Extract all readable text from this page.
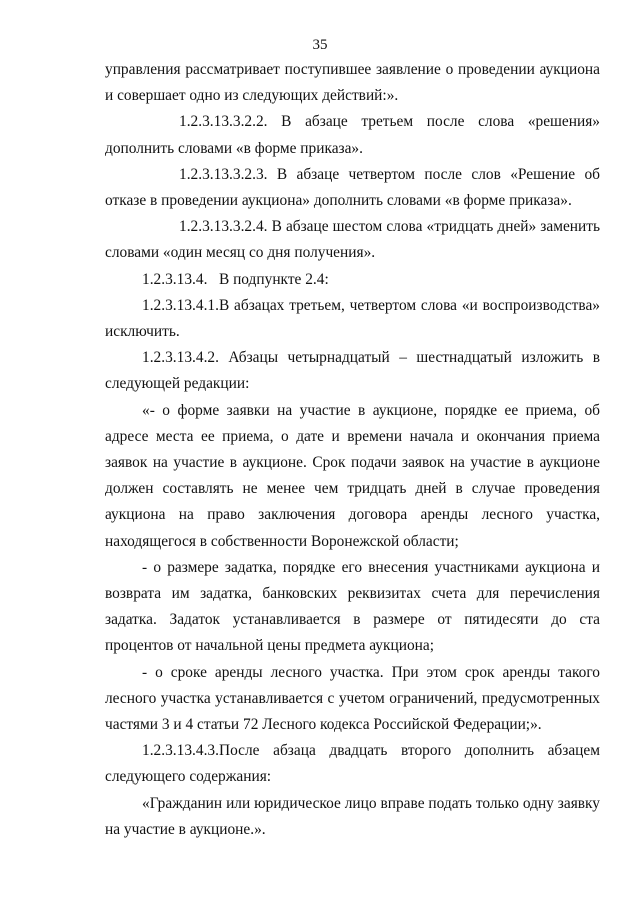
35

управления рассматривает поступившее заявление о проведении аукциона и совершает одно из следующих действий:».

1.2.3.13.3.2.2. В абзаце третьем после слова «решения» дополнить словами «в форме приказа».

1.2.3.13.3.2.3. В абзаце четвертом после слов «Решение об отказе в проведении аукциона» дополнить словами «в форме приказа».

1.2.3.13.3.2.4. В абзаце шестом слова «тридцать дней» заменить словами «один месяц со дня получения».

1.2.3.13.4.   В подпункте 2.4:

1.2.3.13.4.1.В абзацах третьем, четвертом слова «и воспроизводства» исключить.

1.2.3.13.4.2. Абзацы четырнадцатый – шестнадцатый изложить в следующей редакции:

«- о форме заявки на участие в аукционе, порядке ее приема, об адресе места ее приема, о дате и времени начала и окончания приема заявок на участие в аукционе. Срок подачи заявок на участие в аукционе должен составлять не менее чем тридцать дней в случае проведения аукциона на право заключения договора аренды лесного участка, находящегося в собственности Воронежской области;

- о размере задатка, порядке его внесения участниками аукциона и возврата им задатка, банковских реквизитах счета для перечисления задатка. Задаток устанавливается в размере от пятидесяти до ста процентов от начальной цены предмета аукциона;

- о сроке аренды лесного участка. При этом срок аренды такого лесного участка устанавливается с учетом ограничений, предусмотренных частями 3 и 4 статьи 72 Лесного кодекса Российской Федерации;».

1.2.3.13.4.3.После абзаца двадцать второго дополнить абзацем следующего содержания:

«Гражданин или юридическое лицо вправе подать только одну заявку на участие в аукционе.».
